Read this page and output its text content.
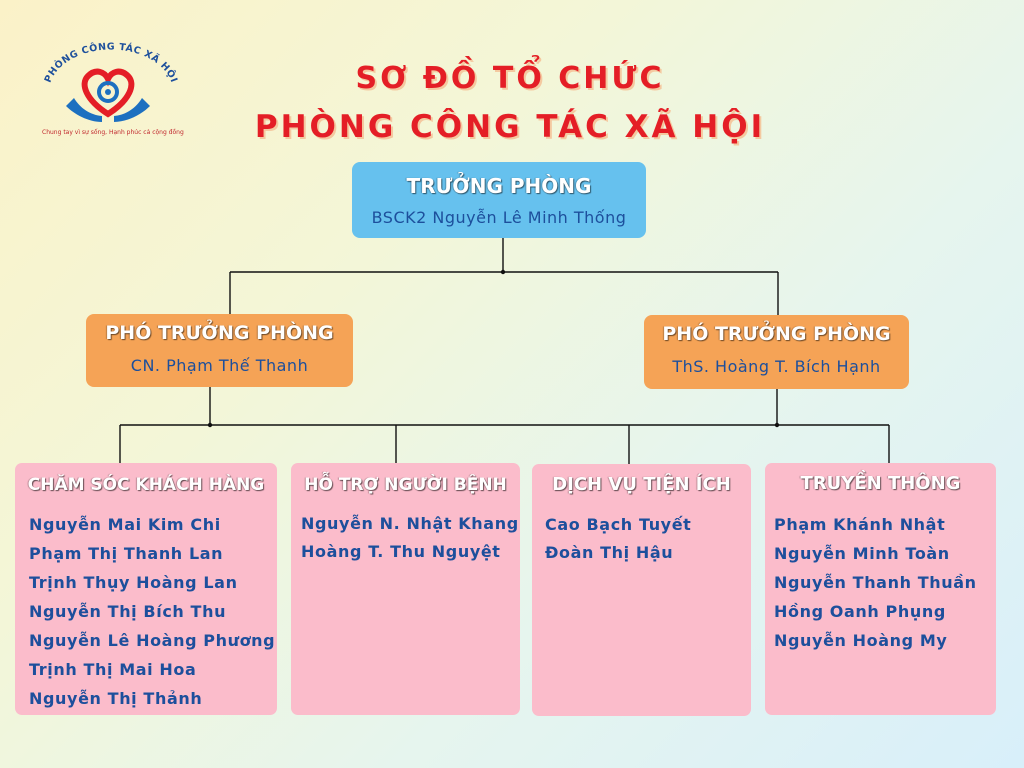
PHÒNG CÔNG TÁC XÃ HỘI
Chung tay vì sự sống, Hạnh phúc cả cộng đồng
SƠ ĐỒ TỔ CHỨC
PHÒNG CÔNG TÁC XÃ HỘI
TRƯỞNG PHÒNG
BSCK2 Nguyễn Lê Minh Thống
PHÓ TRƯỞNG PHÒNG
CN. Phạm Thế Thanh
PHÓ TRƯỞNG PHÒNG
ThS. Hoàng T. Bích Hạnh
CHĂM SÓC KHÁCH HÀNG
Nguyễn Mai Kim Chi
Phạm Thị Thanh Lan
Trịnh Thụy Hoàng Lan
Nguyễn Thị Bích Thu
Nguyễn Lê Hoàng Phương
Trịnh Thị Mai Hoa
Nguyễn Thị Thảnh
HỖ TRỢ NGƯỜI BỆNH
Nguyễn N. Nhật Khang
Hoàng T. Thu Nguyệt
DỊCH VỤ TIỆN ÍCH
Cao Bạch Tuyết
Đoàn Thị Hậu
TRUYỀN THÔNG
Phạm Khánh Nhật
Nguyễn Minh Toàn
Nguyễn Thanh Thuần
Hồng Oanh Phụng
Nguyễn Hoàng My
